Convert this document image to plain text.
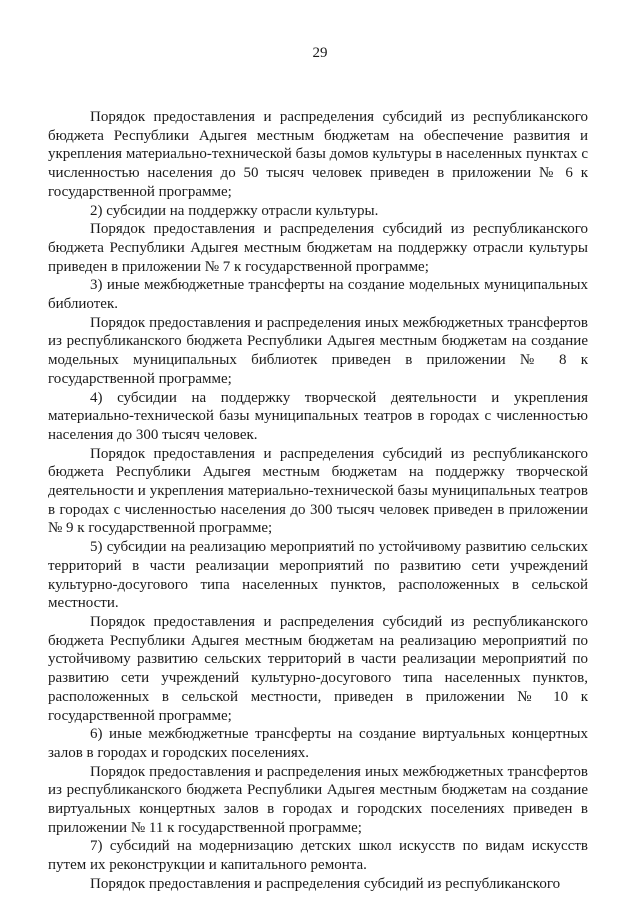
29

Порядок предоставления и распределения субсидий из республиканского бюджета Республики Адыгея местным бюджетам на обеспечение развития и укрепления материально-технической базы домов культуры в населенных пунктах с численностью населения до 50 тысяч человек приведен в приложении № 6 к государственной программе;

2) субсидии на поддержку отрасли культуры.

Порядок предоставления и распределения субсидий из республиканского бюджета Республики Адыгея местным бюджетам на поддержку отрасли культуры приведен в приложении № 7 к государственной программе;

3) иные межбюджетные трансферты на создание модельных муниципальных библиотек.

Порядок предоставления и распределения иных межбюджетных трансфертов из республиканского бюджета Республики Адыгея местным бюджетам на создание модельных муниципальных библиотек приведен в приложении № 8 к государственной программе;

4) субсидии на поддержку творческой деятельности и укрепления материально-технической базы муниципальных театров в городах с численностью населения до 300 тысяч человек.

Порядок предоставления и распределения субсидий из республиканского бюджета Республики Адыгея местным бюджетам на поддержку творческой деятельности и укрепления материально-технической базы муниципальных театров в городах с численностью населения до 300 тысяч человек приведен в приложении № 9 к государственной программе;

5) субсидии на реализацию мероприятий по устойчивому развитию сельских территорий в части реализации мероприятий по развитию сети учреждений культурно-досугового типа населенных пунктов, расположенных в сельской местности.

Порядок предоставления и распределения субсидий из республиканского бюджета Республики Адыгея местным бюджетам на реализацию мероприятий по устойчивому развитию сельских территорий в части реализации мероприятий по развитию сети учреждений культурно-досугового типа населенных пунктов, расположенных в сельской местности, приведен в приложении № 10 к государственной программе;

6) иные межбюджетные трансферты на создание виртуальных концертных залов в городах и городских поселениях.

Порядок предоставления и распределения иных межбюджетных трансфертов из республиканского бюджета Республики Адыгея местным бюджетам на создание виртуальных концертных залов в городах и городских поселениях приведен в приложении № 11 к государственной программе;

7) субсидий на модернизацию детских школ искусств по видам искусств путем их реконструкции и капитального ремонта.

Порядок предоставления и распределения субсидий из республиканского
